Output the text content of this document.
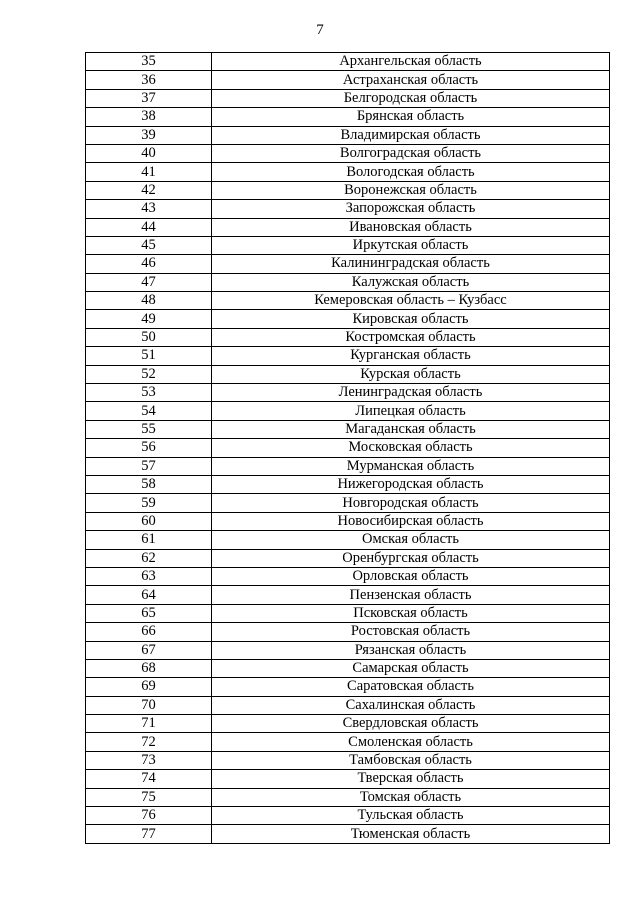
7
35	Архангельская область
36	Астраханская область
37	Белгородская область
38	Брянская область
39	Владимирская область
40	Волгоградская область
41	Вологодская область
42	Воронежская область
43	Запорожская область
44	Ивановская область
45	Иркутская область
46	Калининградская область
47	Калужская область
48	Кемеровская область – Кузбасс
49	Кировская область
50	Костромская область
51	Курганская область
52	Курская область
53	Ленинградская область
54	Липецкая область
55	Магаданская область
56	Московская область
57	Мурманская область
58	Нижегородская область
59	Новгородская область
60	Новосибирская область
61	Омская область
62	Оренбургская область
63	Орловская область
64	Пензенская область
65	Псковская область
66	Ростовская область
67	Рязанская область
68	Самарская область
69	Саратовская область
70	Сахалинская область
71	Свердловская область
72	Смоленская область
73	Тамбовская область
74	Тверская область
75	Томская область
76	Тульская область
77	Тюменская область
